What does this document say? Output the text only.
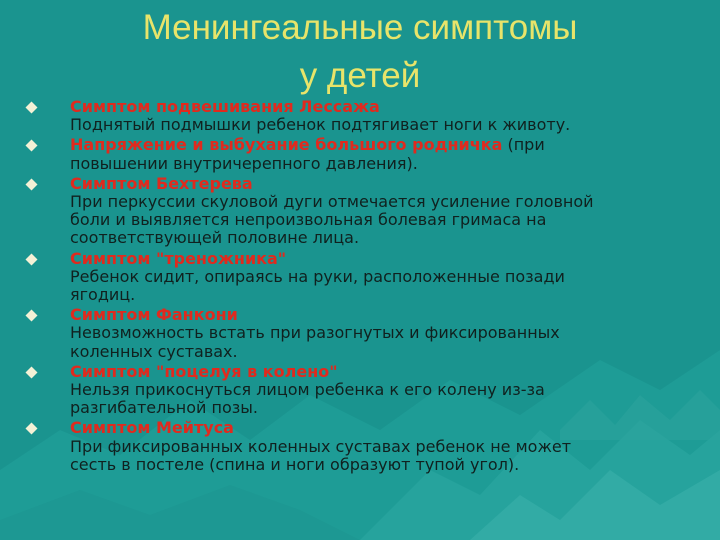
Менингеальные симптомы
у детей
Симптом подвешивания Лессажа
Поднятый подмышки ребенок подтягивает ноги к животу.
Напряжение и выбухание большого родничка (при
повышении внутричерепного давления).
Симптом Бехтерева
При перкуссии скуловой дуги отмечается усиление головной
боли и выявляется непроизвольная болевая гримаса на
соответствующей половине лица.
Симптом "треножника"
Ребенок сидит, опираясь на руки, расположенные позади
ягодиц.
Симптом Фанкони
Невозможность встать при разогнутых и фиксированных
коленных суставах.
Симптом "поцелуя в колено"
Нельзя прикоснуться лицом ребенка к его колену из-за
разгибательной позы.
Симптом Мейтуса
При фиксированных коленных суставах ребенок не может
сесть в постеле (спина и ноги образуют тупой угол).
